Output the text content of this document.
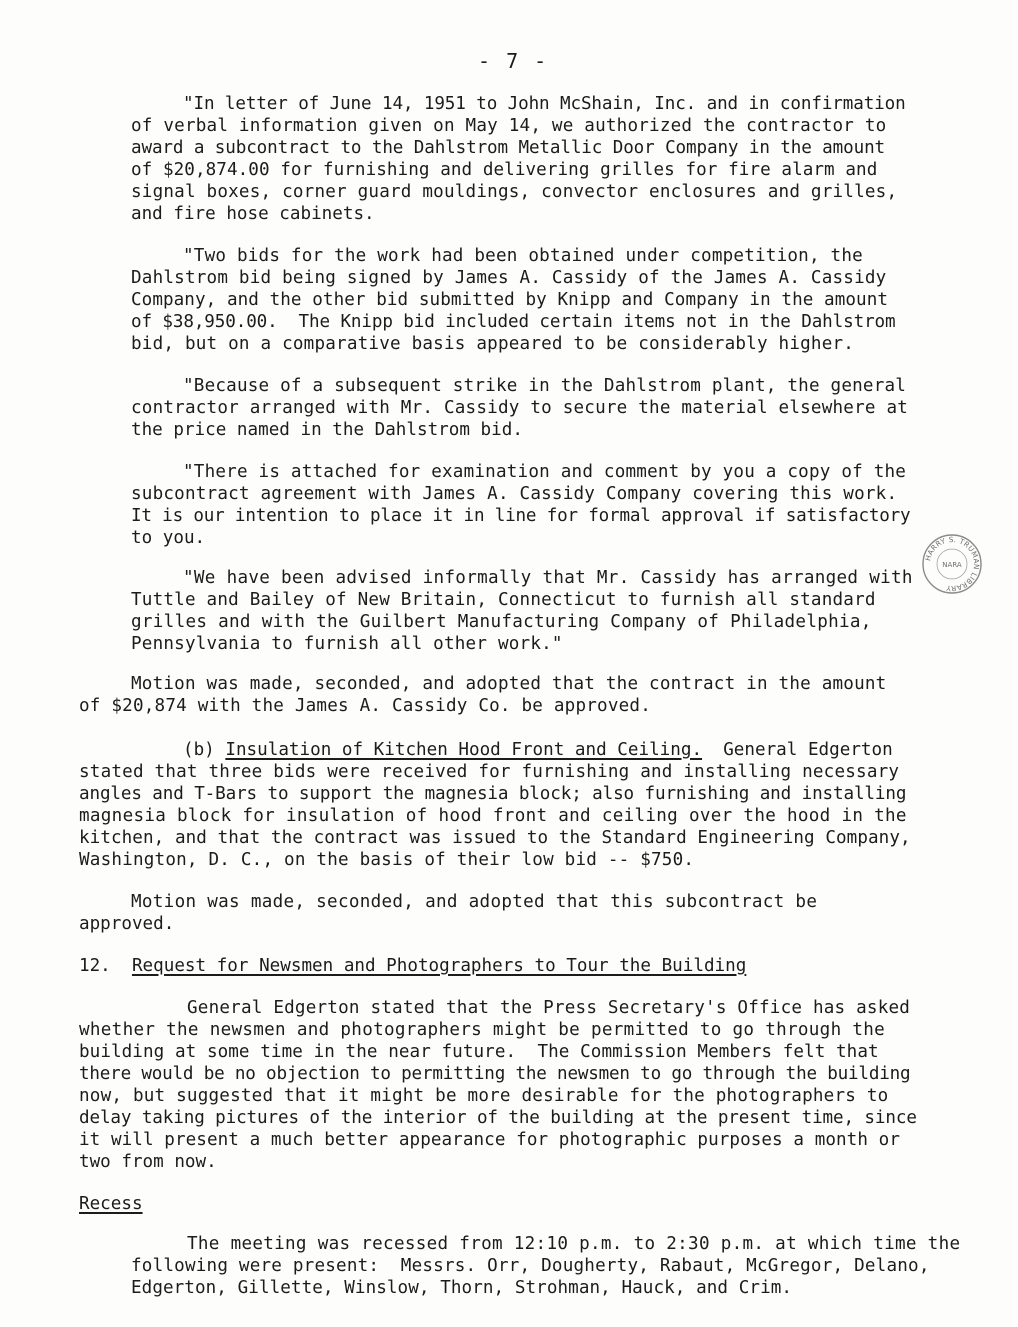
- 7 -
"In letter of June 14, 1951 to John McShain, Inc. and in confirmation
of verbal information given on May 14, we authorized the contractor to
award a subcontract to the Dahlstrom Metallic Door Company in the amount
of $20,874.00 for furnishing and delivering grilles for fire alarm and
signal boxes, corner guard mouldings, convector enclosures and grilles,
and fire hose cabinets.
"Two bids for the work had been obtained under competition, the
Dahlstrom bid being signed by James A. Cassidy of the James A. Cassidy
Company, and the other bid submitted by Knipp and Company in the amount
of $38,950.00.  The Knipp bid included certain items not in the Dahlstrom
bid, but on a comparative basis appeared to be considerably higher.
"Because of a subsequent strike in the Dahlstrom plant, the general
contractor arranged with Mr. Cassidy to secure the material elsewhere at
the price named in the Dahlstrom bid.
"There is attached for examination and comment by you a copy of the
subcontract agreement with James A. Cassidy Company covering this work.
It is our intention to place it in line for formal approval if satisfactory
to you.
"We have been advised informally that Mr. Cassidy has arranged with
Tuttle and Bailey of New Britain, Connecticut to furnish all standard
grilles and with the Guilbert Manufacturing Company of Philadelphia,
Pennsylvania to furnish all other work."
Motion was made, seconded, and adopted that the contract in the amount
of $20,874 with the James A. Cassidy Co. be approved.
(b) Insulation of Kitchen Hood Front and Ceiling.  General Edgerton
stated that three bids were received for furnishing and installing necessary
angles and T-Bars to support the magnesia block; also furnishing and installing
magnesia block for insulation of hood front and ceiling over the hood in the
kitchen, and that the contract was issued to the Standard Engineering Company,
Washington, D. C., on the basis of their low bid -- $750.
Motion was made, seconded, and adopted that this subcontract be
approved.
12. Request for Newsmen and Photographers to Tour the Building
General Edgerton stated that the Press Secretary's Office has asked
whether the newsmen and photographers might be permitted to go through the
building at some time in the near future.  The Commission Members felt that
there would be no objection to permitting the newsmen to go through the building
now, but suggested that it might be more desirable for the photographers to
delay taking pictures of the interior of the building at the present time, since
it will present a much better appearance for photographic purposes a month or
two from now.
Recess
The meeting was recessed from 12:10 p.m. to 2:30 p.m. at which time the
following were present:  Messrs. Orr, Dougherty, Rabaut, McGregor, Delano,
Edgerton, Gillette, Winslow, Thorn, Strohman, Hauck, and Crim.
HARRY S. TRUMAN LIBRARY
NARA
